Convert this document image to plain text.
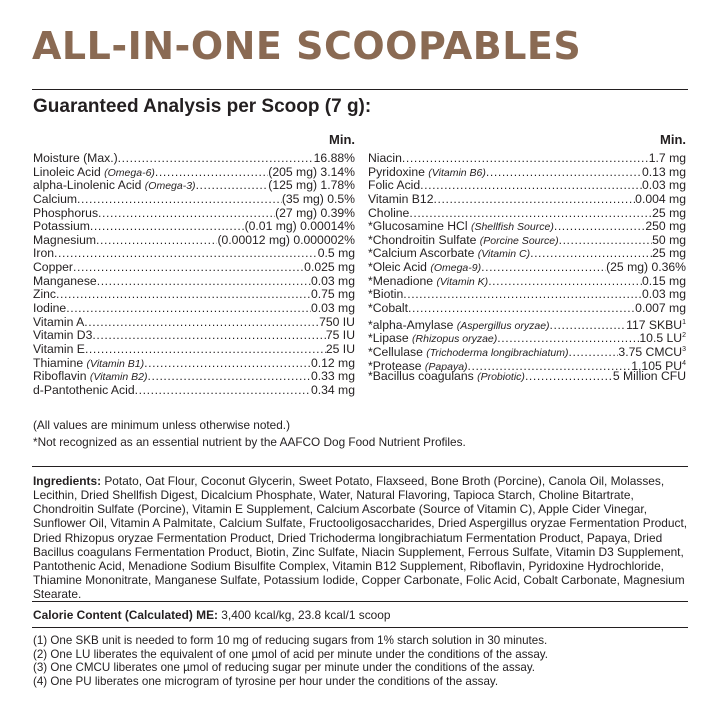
ALL-IN-ONE SCOOPABLES
Guaranteed Analysis per Scoop (7 g):
Min.
Moisture (Max.) .....	16.88%
Linoleic Acid (Omega-6) .....	(205 mg) 3.14%
alpha-Linolenic Acid (Omega-3) .....	(125 mg) 1.78%
Calcium .....	(35 mg) 0.5%
Phosphorus .....	(27 mg) 0.39%
Potassium .....	(0.01 mg) 0.00014%
Magnesium .....	(0.00012 mg) 0.000002%
Iron .....	0.5 mg
Copper .....	0.025 mg
Manganese .....	0.03 mg
Zinc .....	0.75 mg
Iodine .....	0.03 mg
Vitamin A .....	750 IU
Vitamin D3 .....	75 IU
Vitamin E .....	25 IU
Thiamine (Vitamin B1) .....	0.12 mg
Riboflavin (Vitamin B2) .....	0.33 mg
d-Pantothenic Acid .....	0.34 mg
Min.
Niacin .....	1.7 mg
Pyridoxine (Vitamin B6) .....	0.13 mg
Folic Acid .....	0.03 mg
Vitamin B12 .....	0.004 mg
Choline .....	25 mg
*Glucosamine HCl (Shellfish Source) .....	250 mg
*Chondroitin Sulfate (Porcine Source) .....	50 mg
*Calcium Ascorbate (Vitamin C) .....	25 mg
*Oleic Acid (Omega-9) .....	(25 mg) 0.36%
*Menadione (Vitamin K) .....	0.15 mg
*Biotin .....	0.03 mg
*Cobalt .....	0.007 mg
*alpha-Amylase (Aspergillus oryzae) .....	117 SKBU$^1$
*Lipase (Rhizopus oryzae) .....	10.5 $LU^2$
*Cellulase (Trichoderma longibrachiatum) .....	3.75 CMCU$^3$
*Protease (Papaya) .....	1,105 $PU^4$
*Bacillus coagulans (Probiotic) .....	5 Million CFU
(All values are minimum unless otherwise noted.)
*Not recognized as an essential nutrient by the AAFCO Dog Food Nutrient Profiles.
Ingredients: Potato, Oat Flour, Coconut Glycerin, Sweet Potato, Flaxseed, Bone Broth (Porcine), Canola Oil, Molasses, Lecithin, Dried Shellfish Digest, Dicalcium Phosphate, Water, Natural Flavoring, Tapioca Starch, Choline Bitartrate, Chondroitin Sulfate (Porcine), Vitamin E Supplement, Calcium Ascorbate (Source of Vitamin C), Apple Cider Vinegar, Sunflower Oil, Vitamin A Palmitate, Calcium Sulfate, Fructooligosaccharides, Dried Aspergillus oryzae Fermentation Product, Dried Rhizopus oryzae Fermentation Product, Dried Trichoderma longibrachiatum Fermentation Product, Papaya, Dried Bacillus coagulans Fermentation Product, Biotin, Zinc Sulfate, Niacin Supplement, Ferrous Sulfate, Vitamin D3 Supplement, Pantothenic Acid, Menadione Sodium Bisulfite Complex, Vitamin B12 Supplement, Riboflavin, Pyridoxine Hydrochloride, Thiamine Mononitrate, Manganese Sulfate, Potassium Iodide, Copper Carbonate, Folic Acid, Cobalt Carbonate, Magnesium Stearate.
Calorie Content (Calculated) ME: 3,400 kcal/kg, 23.8 kcal/1 scoop
(1) One SKB unit is needed to form 10 mg of reducing sugars from 1% starch solution in 30 minutes.
(2) One LU liberates the equivalent of one µmol of acid per minute under the conditions of the assay.
(3) One CMCU liberates one µmol of reducing sugar per minute under the conditions of the assay.
(4) One PU liberates one microgram of tyrosine per hour under the conditions of the assay.
